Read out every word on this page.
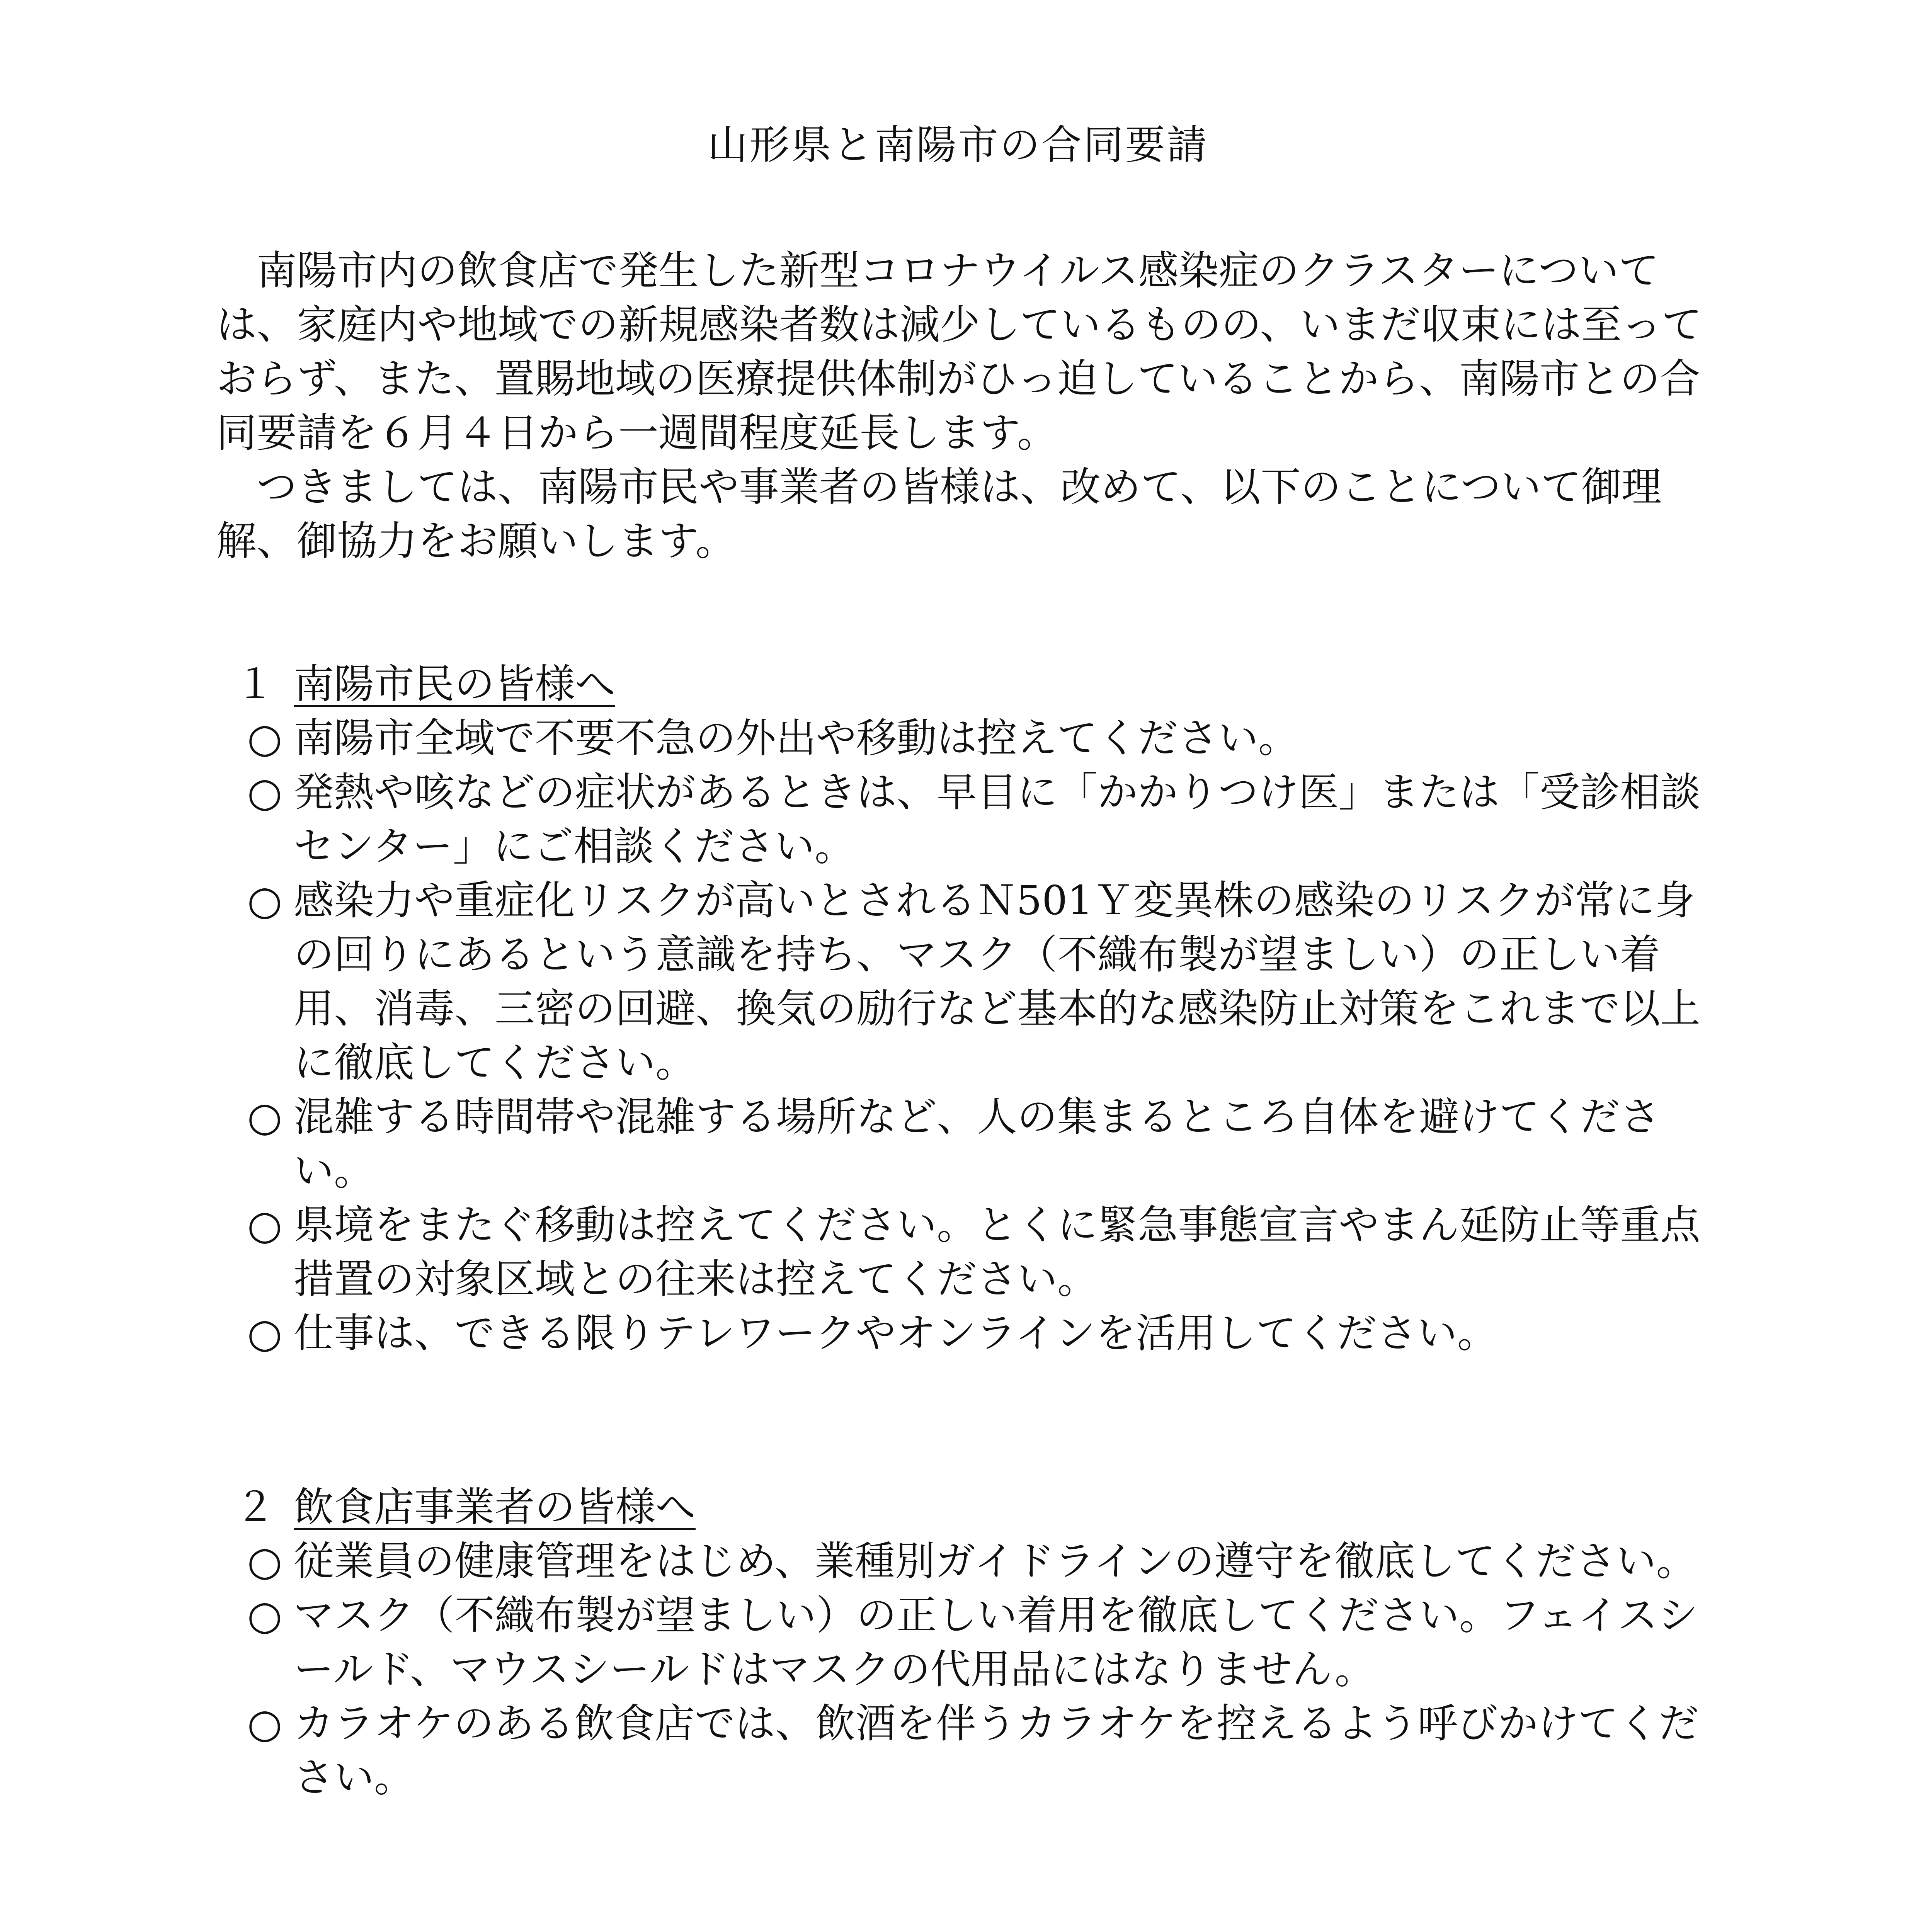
山形県と南陽市の合同要請

南陽市内の飲食店で発生した新型コロナウイルス感染症のクラスターについては、家庭内や地域での新規感染者数は減少しているものの、いまだ収束には至っておらず、また、置賜地域の医療提供体制がひっ迫していることから、南陽市との合同要請を６月４日から一週間程度延長します。

つきましては、南陽市民や事業者の皆様は、改めて、以下のことについて御理解、御協力をお願いします。

１ 南陽市民の皆様へ
○ 南陽市全域で不要不急の外出や移動は控えてください。
○ 発熱や咳などの症状があるときは、早目に「かかりつけ医」または「受診相談センター」にご相談ください。
○ 感染力や重症化リスクが高いとされるＮ501Ｙ変異株の感染のリスクが常に身の回りにあるという意識を持ち、マスク（不織布製が望ましい）の正しい着用、消毒、三密の回避、換気の励行など基本的な感染防止対策をこれまで以上に徹底してください。
○ 混雑する時間帯や混雑する場所など、人の集まるところ自体を避けてください。
○ 県境をまたぐ移動は控えてください。とくに緊急事態宣言やまん延防止等重点措置の対象区域との往来は控えてください。
○ 仕事は、できる限りテレワークやオンラインを活用してください。
２ 飲食店事業者の皆様へ
○ 従業員の健康管理をはじめ、業種別ガイドラインの遵守を徹底してください。
○ マスク（不織布製が望ましい）の正しい着用を徹底してください。フェイスシールド、マウスシールドはマスクの代用品にはなりません。
○ カラオケのある飲食店では、飲酒を伴うカラオケを控えるよう呼びかけてください。
